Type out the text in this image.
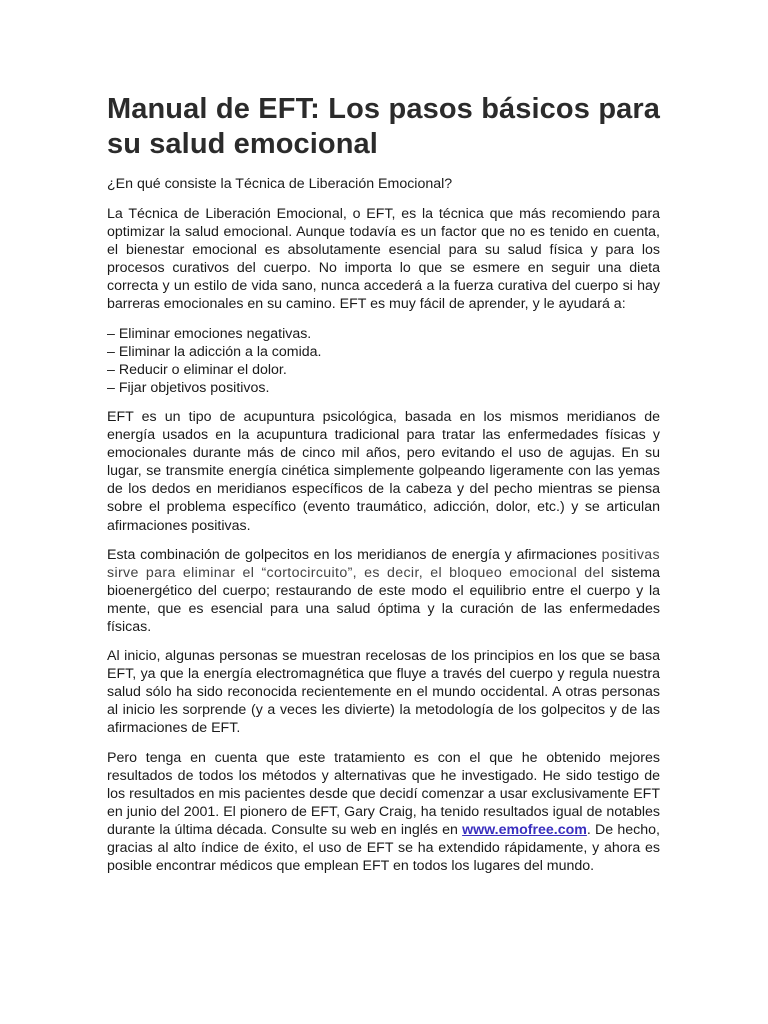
Manual de EFT: Los pasos básicos para su salud emocional

¿En qué consiste la Técnica de Liberación Emocional?

La Técnica de Liberación Emocional, o EFT, es la técnica que más recomiendo para optimizar la salud emocional. Aunque todavía es un factor que no es tenido en cuenta, el bienestar emocional es absolutamente esencial para su salud física y para los procesos curativos del cuerpo. No importa lo que se esmere en seguir una dieta correcta y un estilo de vida sano, nunca accederá a la fuerza curativa del cuerpo si hay barreras emocionales en su camino. EFT es muy fácil de aprender, y le ayudará a:

– Eliminar emociones negativas.
– Eliminar la adicción a la comida.
– Reducir o eliminar el dolor.
– Fijar objetivos positivos.

EFT es un tipo de acupuntura psicológica, basada en los mismos meridianos de energía usados en la acupuntura tradicional para tratar las enfermedades físicas y emocionales durante más de cinco mil años, pero evitando el uso de agujas. En su lugar, se transmite energía cinética simplemente golpeando ligeramente con las yemas de los dedos en meridianos específicos de la cabeza y del pecho mientras se piensa sobre el problema específico (evento traumático, adicción, dolor, etc.) y se articulan afirmaciones positivas.

Esta combinación de golpecitos en los meridianos de energía y afirmaciones positivas sirve para eliminar el “cortocircuito”, es decir, el bloqueo emocional del sistema bioenergético del cuerpo; restaurando de este modo el equilibrio entre el cuerpo y la mente, que es esencial para una salud óptima y la curación de las enfermedades físicas.

Al inicio, algunas personas se muestran recelosas de los principios en los que se basa EFT, ya que la energía electromagnética que fluye a través del cuerpo y regula nuestra salud sólo ha sido reconocida recientemente en el mundo occidental. A otras personas al inicio les sorprende (y a veces les divierte) la metodología de los golpecitos y de las afirmaciones de EFT.

Pero tenga en cuenta que este tratamiento es con el que he obtenido mejores resultados de todos los métodos y alternativas que he investigado. He sido testigo de los resultados en mis pacientes desde que decidí comenzar a usar exclusivamente EFT en junio del 2001. El pionero de EFT, Gary Craig, ha tenido resultados igual de notables durante la última década. Consulte su web en inglés en www.emofree.com. De hecho, gracias al alto índice de éxito, el uso de EFT se ha extendido rápidamente, y ahora es posible encontrar médicos que emplean EFT en todos los lugares del mundo.
